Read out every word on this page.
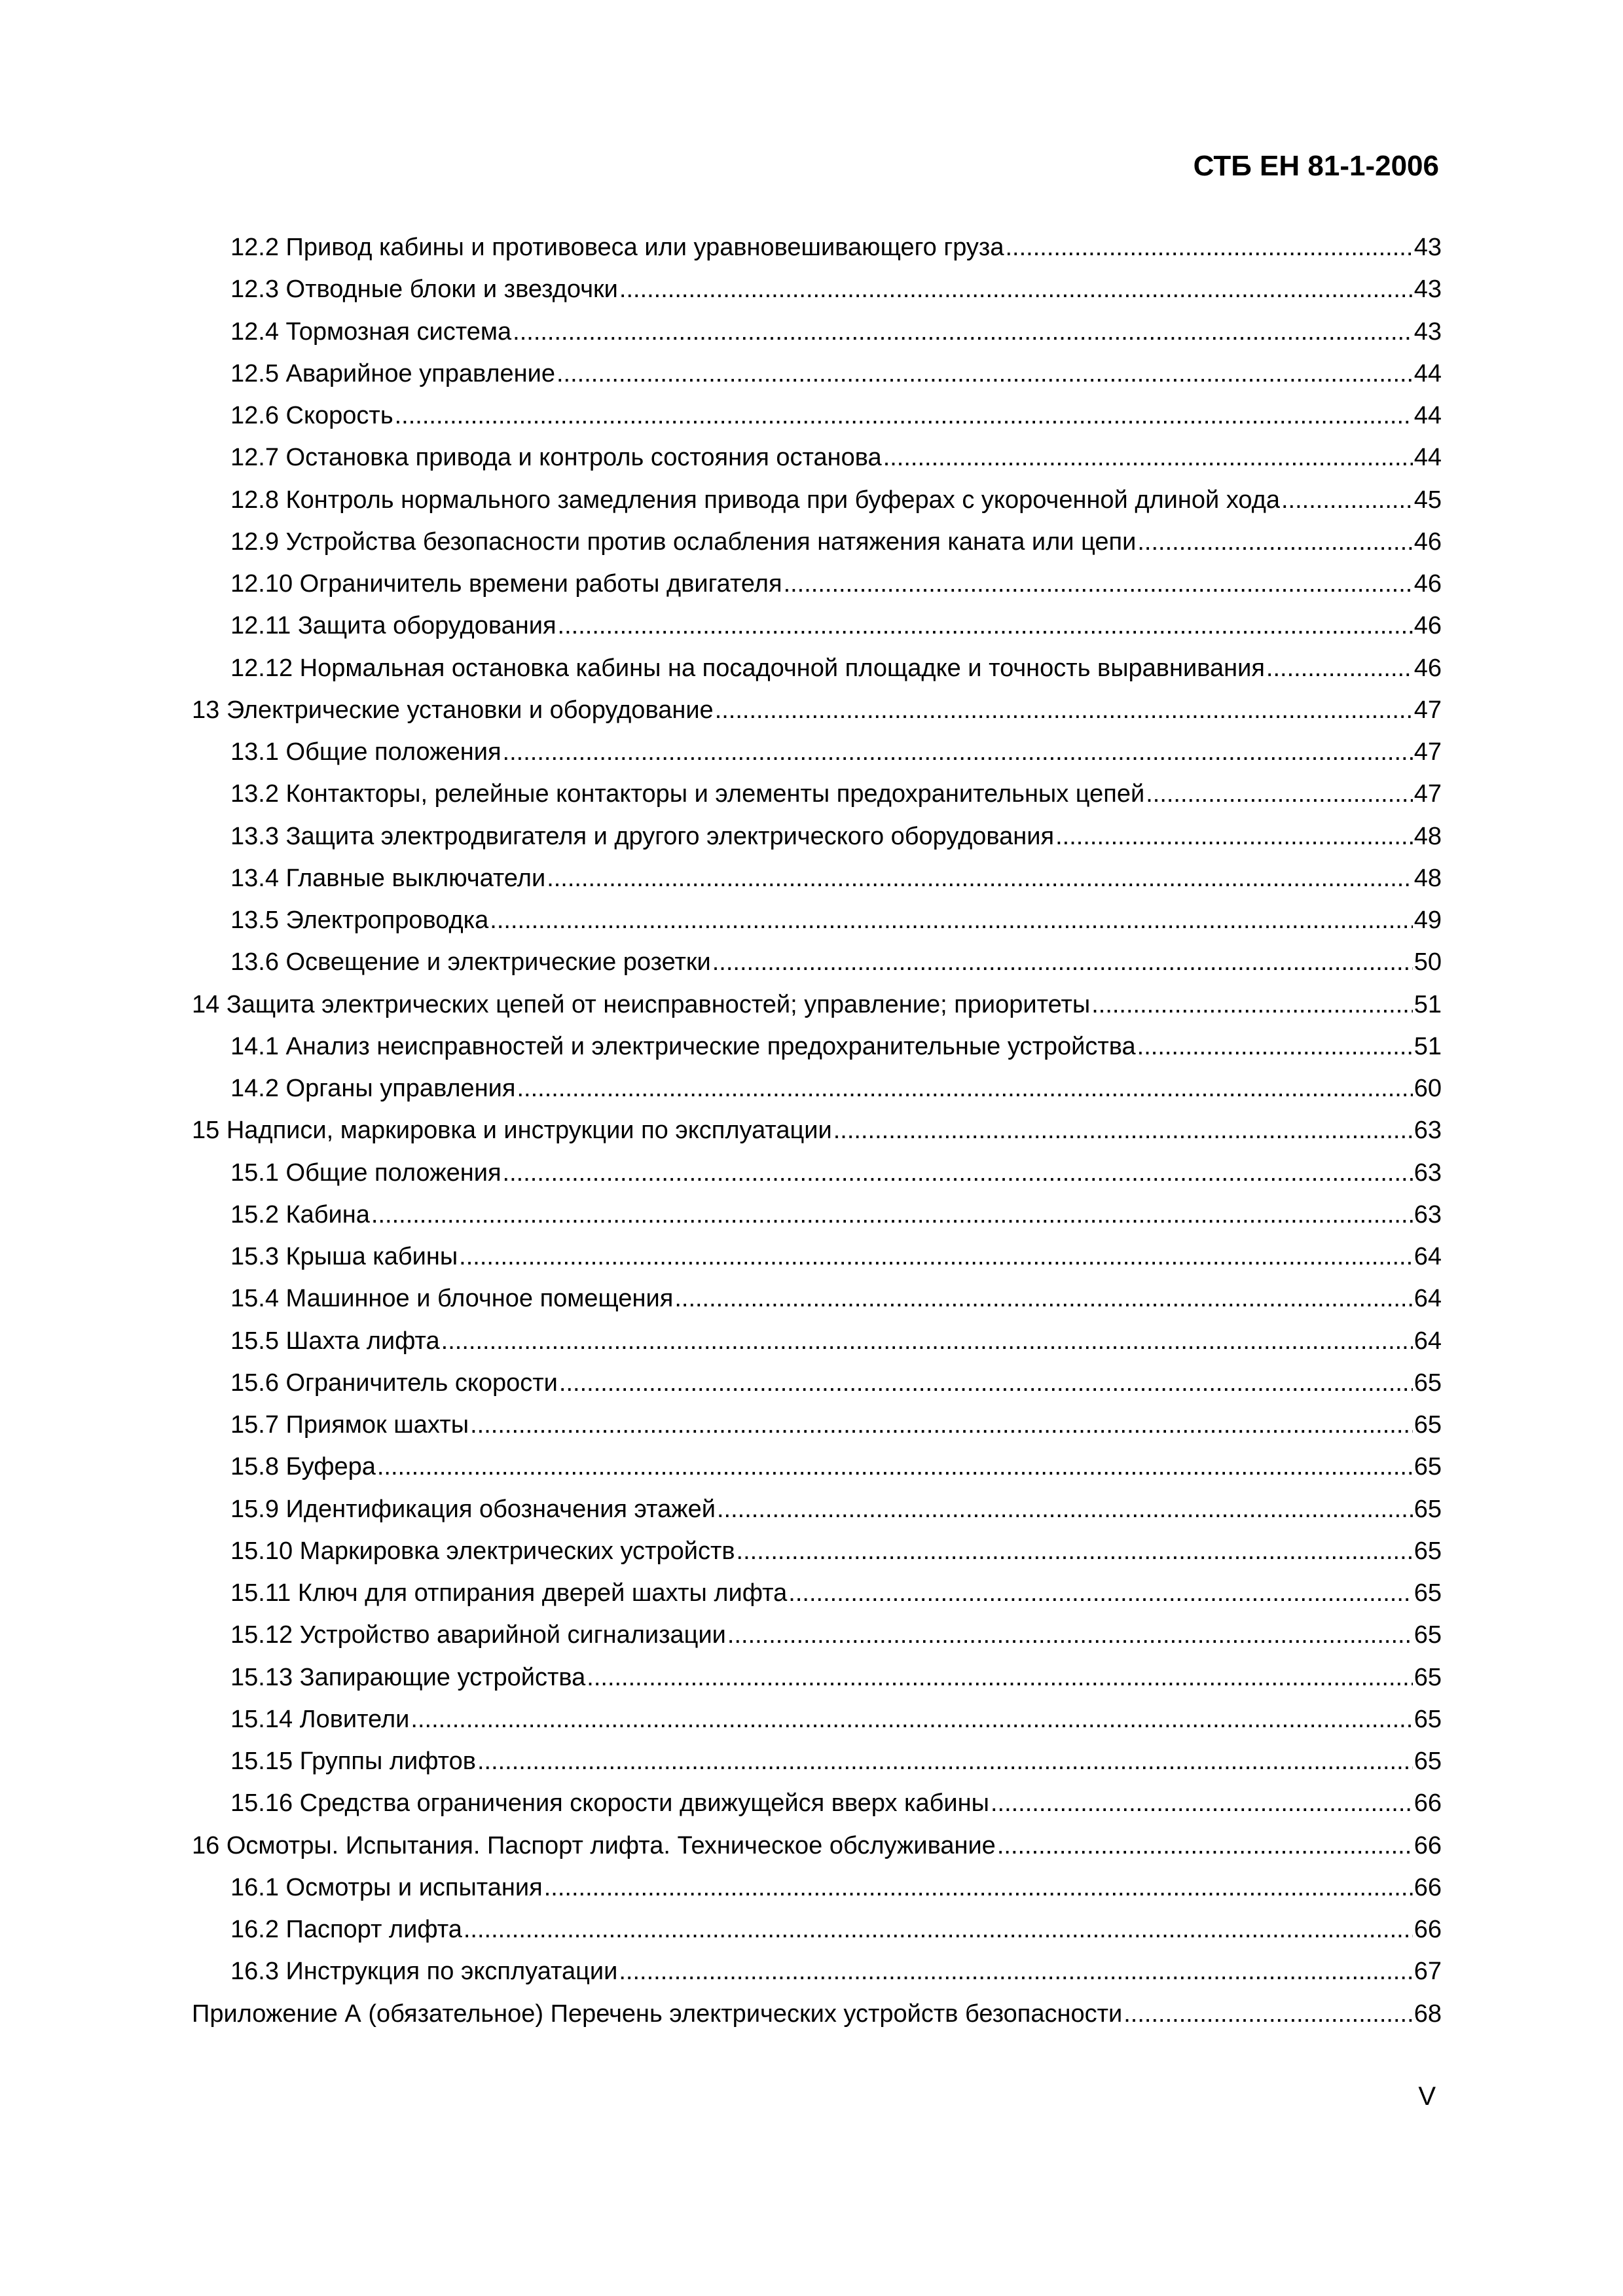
СТБ ЕН 81-1-2006
12.2 Привод кабины и противовеса или уравновешивающего груза .....	43
12.3 Отводные блоки и звездочки .....	43
12.4 Тормозная система .....	43
12.5 Аварийное управление .....	44
12.6 Скорость .....	44
12.7 Остановка привода и контроль состояния останова .....	44
12.8 Контроль нормального замедления привода при буферах с укороченной длиной хода .....	45
12.9 Устройства безопасности против ослабления натяжения каната или цепи .....	46
12.10 Ограничитель времени работы двигателя .....	46
12.11 Защита оборудования .....	46
12.12 Нормальная остановка кабины на посадочной площадке и точность выравнивания .....	46
13 Электрические установки и оборудование .....	47
13.1 Общие положения .....	47
13.2 Контакторы, релейные контакторы и элементы предохранительных цепей .....	47
13.3 Защита электродвигателя и другого электрического оборудования .....	48
13.4 Главные выключатели .....	48
13.5 Электропроводка .....	49
13.6 Освещение и электрические розетки .....	50
14 Защита электрических цепей от неисправностей; управление; приоритеты .....	51
14.1 Анализ неисправностей и электрические предохранительные устройства .....	51
14.2 Органы управления .....	60
15 Надписи, маркировка и инструкции по эксплуатации .....	63
15.1 Общие положения .....	63
15.2 Кабина .....	63
15.3 Крыша кабины .....	64
15.4 Машинное и блочное помещения .....	64
15.5 Шахта лифта .....	64
15.6 Ограничитель скорости .....	65
15.7 Приямок шахты .....	65
15.8 Буфера .....	65
15.9 Идентификация обозначения этажей .....	65
15.10 Маркировка электрических устройств .....	65
15.11 Ключ для отпирания дверей шахты лифта .....	65
15.12 Устройство аварийной сигнализации .....	65
15.13 Запирающие устройства .....	65
15.14 Ловители .....	65
15.15 Группы лифтов .....	65
15.16 Средства ограничения скорости движущейся вверх кабины .....	66
16 Осмотры. Испытания. Паспорт лифта. Техническое обслуживание .....	66
16.1 Осмотры и испытания .....	66
16.2 Паспорт лифта .....	66
16.3 Инструкция по эксплуатации .....	67
Приложение А (обязательное) Перечень электрических устройств безопасности .....	68
V
